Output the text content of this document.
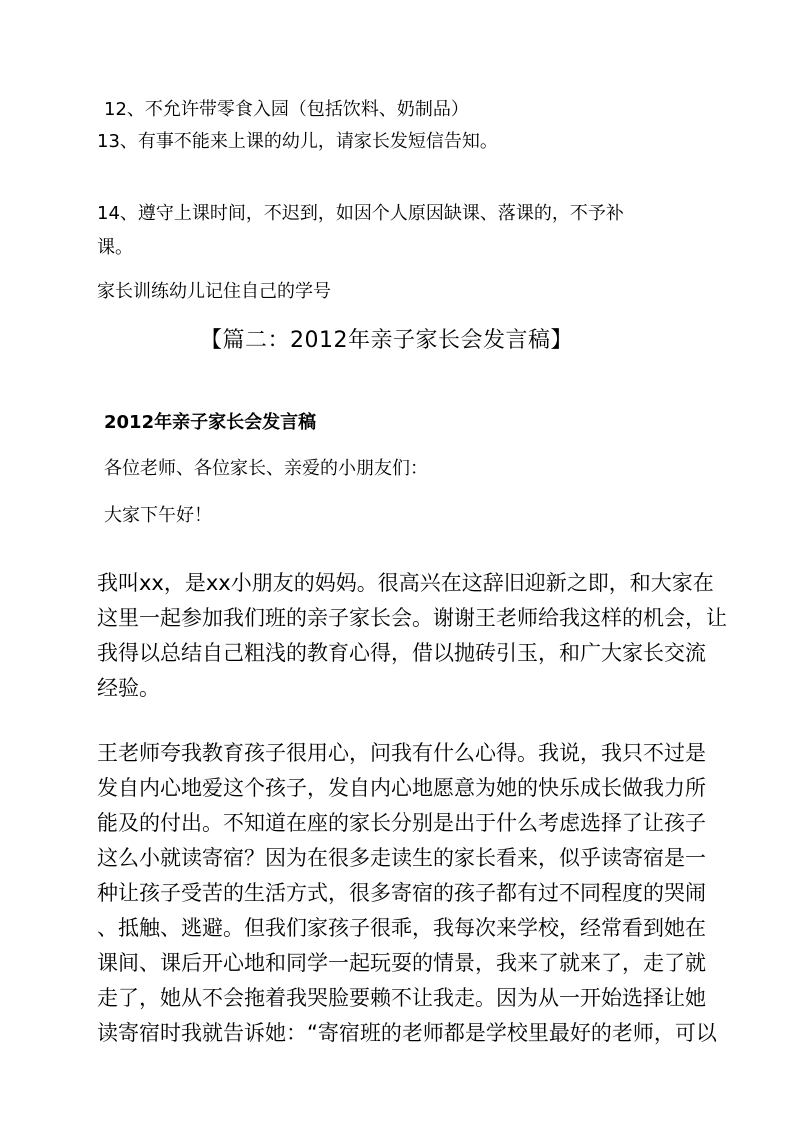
12、不允许带零食入园（包括饮料、奶制品）
13、有事不能来上课的幼儿，请家长发短信告知。
14、遵守上课时间，不迟到，如因个人原因缺课、落课的，不予补
课。
家长训练幼儿记住自己的学号
【篇二：2012年亲子家长会发言稿】
2012年亲子家长会发言稿
各位老师、各位家长、亲爱的小朋友们：
大家下午好！
我叫xx，是xx小朋友的妈妈。很高兴在这辞旧迎新之即，和大家在
这里一起参加我们班的亲子家长会。谢谢王老师给我这样的机会，让
我得以总结自己粗浅的教育心得，借以抛砖引玉，和广大家长交流
经验。
王老师夸我教育孩子很用心，问我有什么心得。我说，我只不过是
发自内心地爱这个孩子，发自内心地愿意为她的快乐成长做我力所
能及的付出。不知道在座的家长分别是出于什么考虑选择了让孩子
这么小就读寄宿？因为在很多走读生的家长看来，似乎读寄宿是一
种让孩子受苦的生活方式，很多寄宿的孩子都有过不同程度的哭闹
、抵触、逃避。但我们家孩子很乖，我每次来学校，经常看到她在
课间、课后开心地和同学一起玩耍的情景，我来了就来了，走了就
走了，她从不会拖着我哭脸要赖不让我走。因为从一开始选择让她
读寄宿时我就告诉她：“寄宿班的老师都是学校里最好的老师，可以
